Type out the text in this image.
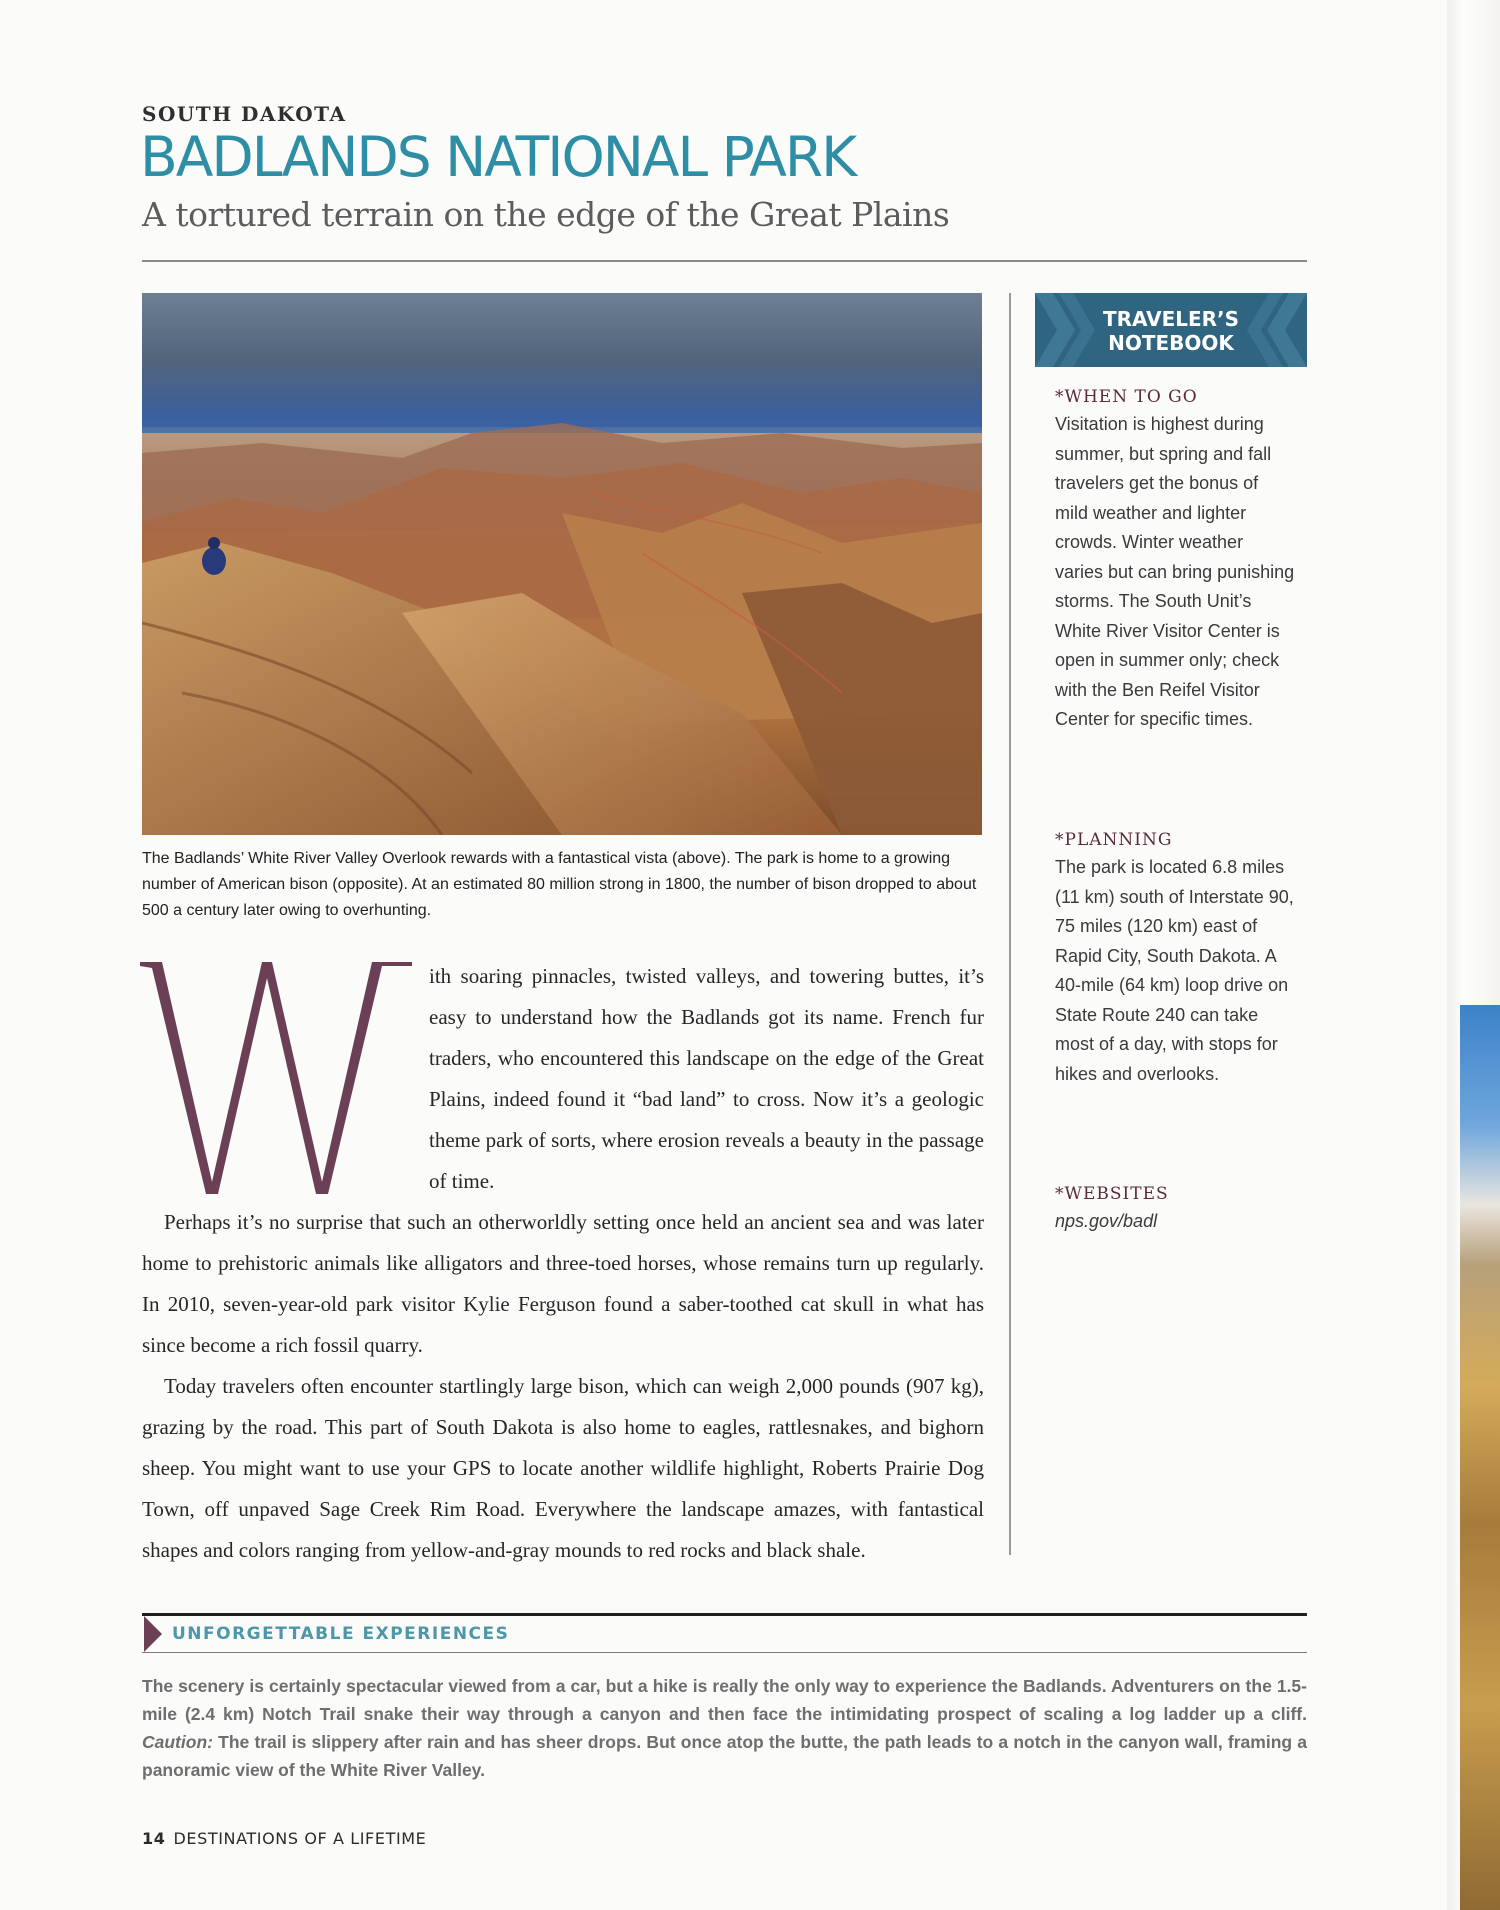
SOUTH DAKOTA
BADLANDS NATIONAL PARK
A tortured terrain on the edge of the Great Plains
The Badlands’ White River Valley Overlook rewards with a fantastical vista (above). The park is home to a growing number of American bison (opposite). At an estimated 80 million strong in 1800, the number of bison dropped to about 500 a century later owing to overhunting.

ith soaring pinnacles, twisted valleys, and towering buttes, it’s easy to understand how the Badlands got its name. French fur traders, who encountered this landscape on the edge of the Great Plains, indeed found it “bad land” to cross. Now it’s a geologic theme park of sorts, where erosion reveals a beauty in the passage of time.

Perhaps it’s no surprise that such an otherworldly setting once held an ancient sea and was later home to prehistoric animals like alligators and three-toed horses, whose remains turn up regularly. In 2010, seven-year-old park visitor Kylie Ferguson found a saber-toothed cat skull in what has since become a rich fossil quarry.

Today travelers often encounter startlingly large bison, which can weigh 2,000 pounds (907 kg), grazing by the road. This part of South Dakota is also home to eagles, rattlesnakes, and bighorn sheep. You might want to use your GPS to locate another wildlife highlight, Roberts Prairie Dog Town, off unpaved Sage Creek Rim Road. Everywhere the landscape amazes, with fantastical shapes and colors ranging from yellow-and-gray mounds to red rocks and black shale.

TRAVELER’S
NOTEBOOK

*WHEN TO GO

Visitation is highest during summer, but spring and fall travelers get the bonus of mild weather and lighter crowds. Winter weather varies but can bring punishing storms. The South Unit’s White River Visitor Center is open in summer only; check with the Ben Reifel Visitor Center for specific times.

*PLANNING

The park is located 6.8 miles (11 km) south of Interstate 90, 75 miles (120 km) east of Rapid City, South Dakota. A 40-mile (64 km) loop drive on State Route 240 can take most of a day, with stops for hikes and overlooks.

*WEBSITES

nps.gov/badl

UNFORGETTABLE EXPERIENCES
The scenery is certainly spectacular viewed from a car, but a hike is really the only way to experience the Badlands. Adventurers on the 1.5-mile (2.4 km) Notch Trail snake their way through a canyon and then face the intimidating prospect of scaling a log ladder up a cliff. Caution: The trail is slippery after rain and has sheer drops. But once atop the butte, the path leads to a notch in the canyon wall, framing a panoramic view of the White River Valley.
14 DESTINATIONS OF A LIFETIME
